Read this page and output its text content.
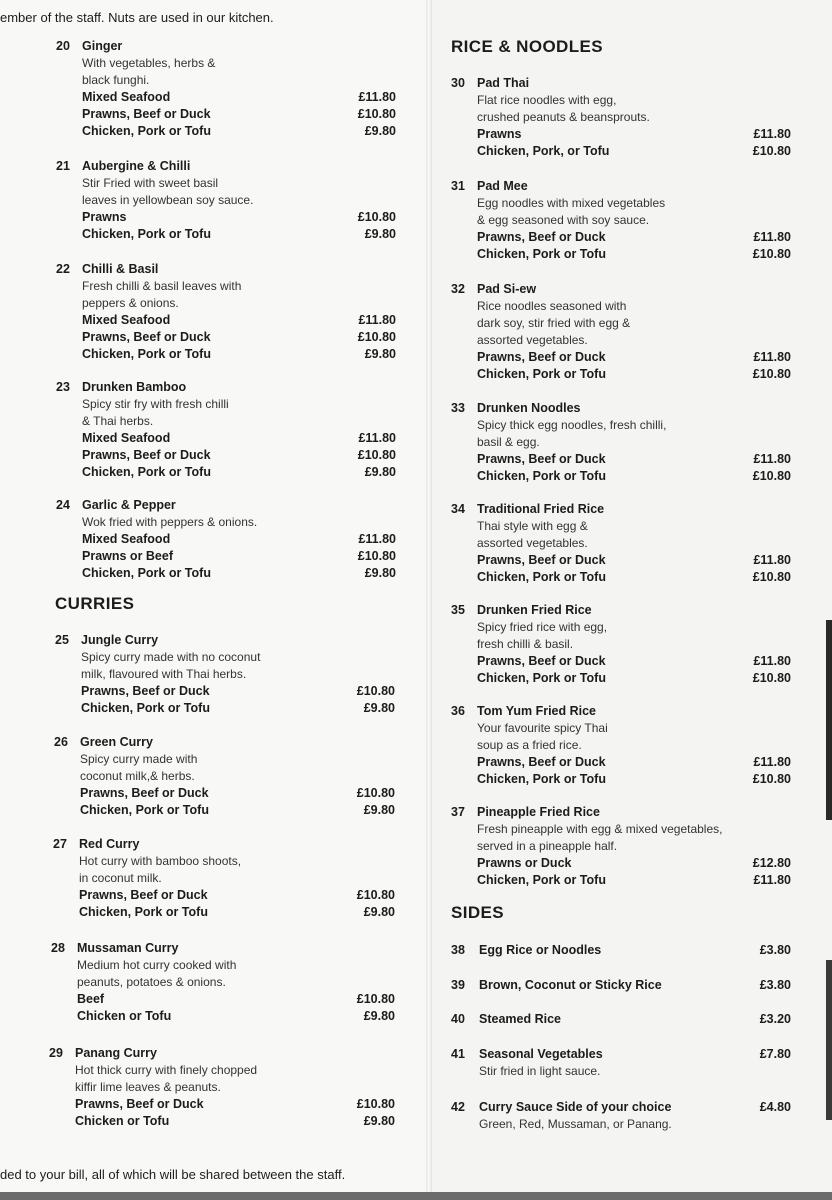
ember of the staff. Nuts are used in our kitchen.
ded to your bill, all of which will be shared between the staff.
CURRIES
RICE & NOODLES
SIDES
20 Ginger
With vegetables, herbs &
black funghi.
Mixed Seafood	£11.80
Prawns, Beef or Duck	£10.80
Chicken, Pork or Tofu	£9.80
21 Aubergine & Chilli
Stir Fried with sweet basil
leaves in yellowbean soy sauce.
Prawns	£10.80
Chicken, Pork or Tofu	£9.80
22 Chilli & Basil
Fresh chilli & basil leaves with
peppers & onions.
Mixed Seafood	£11.80
Prawns, Beef or Duck	£10.80
Chicken, Pork or Tofu	£9.80
23 Drunken Bamboo
Spicy stir fry with fresh chilli
& Thai herbs.
Mixed Seafood	£11.80
Prawns, Beef or Duck	£10.80
Chicken, Pork or Tofu	£9.80
24 Garlic & Pepper
Wok fried with peppers & onions.
Mixed Seafood	£11.80
Prawns or Beef	£10.80
Chicken, Pork or Tofu	£9.80
25 Jungle Curry
Spicy curry made with no coconut
milk, flavoured with Thai herbs.
Prawns, Beef or Duck	£10.80
Chicken, Pork or Tofu	£9.80
26 Green Curry
Spicy curry made with
coconut milk,& herbs.
Prawns, Beef or Duck	£10.80
Chicken, Pork or Tofu	£9.80
27 Red Curry
Hot curry with bamboo shoots,
in coconut milk.
Prawns, Beef or Duck	£10.80
Chicken, Pork or Tofu	£9.80
28 Mussaman Curry
Medium hot curry cooked with
peanuts, potatoes & onions.
Beef	£10.80
Chicken or Tofu	£9.80
29 Panang Curry
Hot thick curry with finely chopped
kiffir lime leaves & peanuts.
Prawns, Beef or Duck	£10.80
Chicken or Tofu	£9.80
30 Pad Thai
Flat rice noodles with egg,
crushed peanuts & beansprouts.
Prawns	£11.80
Chicken, Pork, or Tofu	£10.80
31 Pad Mee
Egg noodles with mixed vegetables
& egg seasoned with soy sauce.
Prawns, Beef or Duck	£11.80
Chicken, Pork or Tofu	£10.80
32 Pad Si-ew
Rice noodles seasoned with
dark soy, stir fried with egg &
assorted vegetables.
Prawns, Beef or Duck	£11.80
Chicken, Pork or Tofu	£10.80
33 Drunken Noodles
Spicy thick egg noodles, fresh chilli,
basil & egg.
Prawns, Beef or Duck	£11.80
Chicken, Pork or Tofu	£10.80
34 Traditional Fried Rice
Thai style with egg &
assorted vegetables.
Prawns, Beef or Duck	£11.80
Chicken, Pork or Tofu	£10.80
35 Drunken Fried Rice
Spicy fried rice with egg,
fresh chilli & basil.
Prawns, Beef or Duck	£11.80
Chicken, Pork or Tofu	£10.80
36 Tom Yum Fried Rice
Your favourite spicy Thai
soup as a fried rice.
Prawns, Beef or Duck	£11.80
Chicken, Pork or Tofu	£10.80
37 Pineapple Fried Rice
Fresh pineapple with egg & mixed vegetables,
served in a pineapple half.
Prawns or Duck	£12.80
Chicken, Pork or Tofu	£11.80
38	Egg Rice or Noodles	£3.80
39	Brown, Coconut or Sticky Rice	£3.80
40	Steamed Rice	£3.20
41	Seasonal Vegetables	£7.80
Stir fried in light sauce.
42	Curry Sauce Side of your choice	£4.80
Green, Red, Mussaman, or Panang.
